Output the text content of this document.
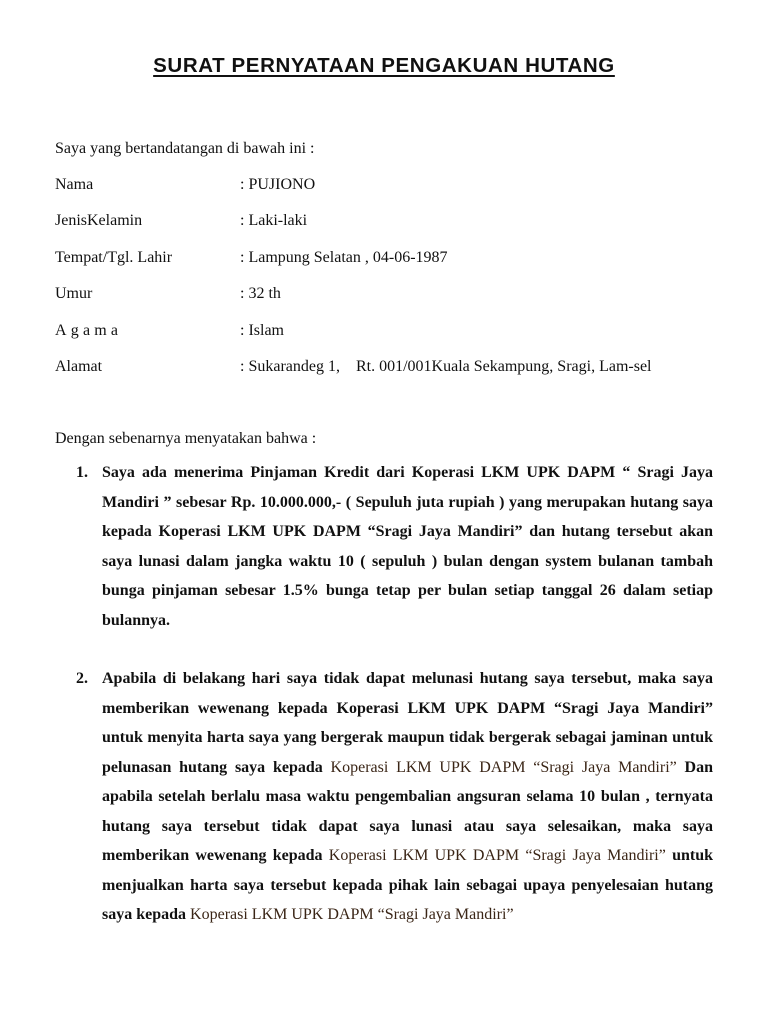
SURAT PERNYATAAN PENGAKUAN HUTANG
Saya yang bertandatangan di bawah ini :
Nama	: PUJIONO
JenisKelamin	: Laki-laki
Tempat/Tgl. Lahir	: Lampung Selatan , 04-06-1987
Umur	: 32 th
Agama	: Islam
Alamat	: Sukarandeg 1,    Rt. 001/001Kuala Sekampung, Sragi, Lam-sel
Dengan sebenarnya menyatakan bahwa :
1. Saya ada menerima Pinjaman Kredit dari Koperasi LKM UPK DAPM “ Sragi Jaya Mandiri ” sebesar Rp. 10.000.000,- ( Sepuluh juta rupiah ) yang merupakan hutang saya kepada Koperasi LKM UPK DAPM “Sragi Jaya Mandiri” dan hutang tersebut akan saya lunasi dalam jangka waktu 10 ( sepuluh ) bulan dengan system bulanan tambah bunga pinjaman sebesar 1.5% bunga tetap per bulan setiap tanggal 26 dalam setiap bulannya.
2. Apabila di belakang hari saya tidak dapat melunasi hutang saya tersebut, maka saya memberikan wewenang kepada Koperasi LKM UPK DAPM “Sragi Jaya Mandiri” untuk menyita harta saya yang bergerak maupun tidak bergerak sebagai jaminan untuk pelunasan hutang saya kepada Koperasi LKM UPK DAPM “Sragi Jaya Mandiri” Dan apabila setelah berlalu masa waktu pengembalian angsuran selama 10 bulan , ternyata hutang saya tersebut tidak dapat saya lunasi atau saya selesaikan, maka saya memberikan wewenang kepada Koperasi LKM UPK DAPM “Sragi Jaya Mandiri” untuk menjualkan harta saya tersebut kepada pihak lain sebagai upaya penyelesaian hutang saya kepada Koperasi LKM UPK DAPM “Sragi Jaya Mandiri”
